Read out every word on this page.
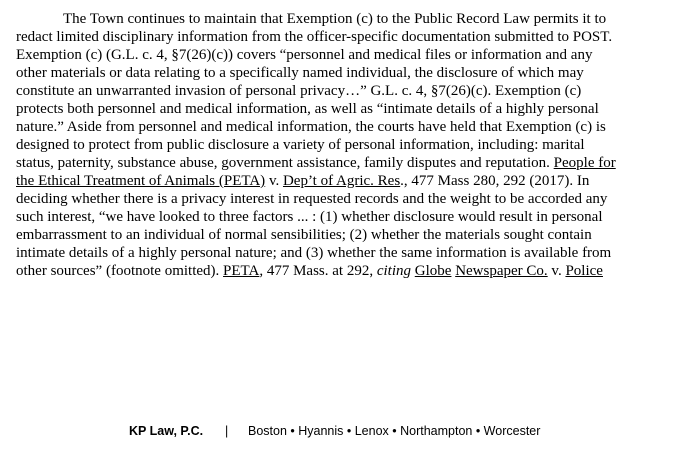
The Town continues to maintain that Exemption (c) to the Public Record Law permits it to
redact limited disciplinary information from the officer-specific documentation submitted to POST.
Exemption (c) (G.L. c. 4, §7(26)(c)) covers “personnel and medical files or information and any
other materials or data relating to a specifically named individual, the disclosure of which may
constitute an unwarranted invasion of personal privacy…” G.L. c. 4, §7(26)(c). Exemption (c)
protects both personnel and medical information, as well as “intimate details of a highly personal
nature.” Aside from personnel and medical information, the courts have held that Exemption (c) is
designed to protect from public disclosure a variety of personal information, including: marital
status, paternity, substance abuse, government assistance, family disputes and reputation. People for
the Ethical Treatment of Animals (PETA) v. Dep’t of Agric. Res., 477 Mass 280, 292 (2017). In
deciding whether there is a privacy interest in requested records and the weight to be accorded any
such interest, “we have looked to three factors ... : (1) whether disclosure would result in personal
embarrassment to an individual of normal sensibilities; (2) whether the materials sought contain
intimate details of a highly personal nature; and (3) whether the same information is available from
other sources” (footnote omitted). PETA, 477 Mass. at 292, citing Globe Newspaper Co. v. Police
KP Law, P.C. | Boston • Hyannis • Lenox • Northampton • Worcester
